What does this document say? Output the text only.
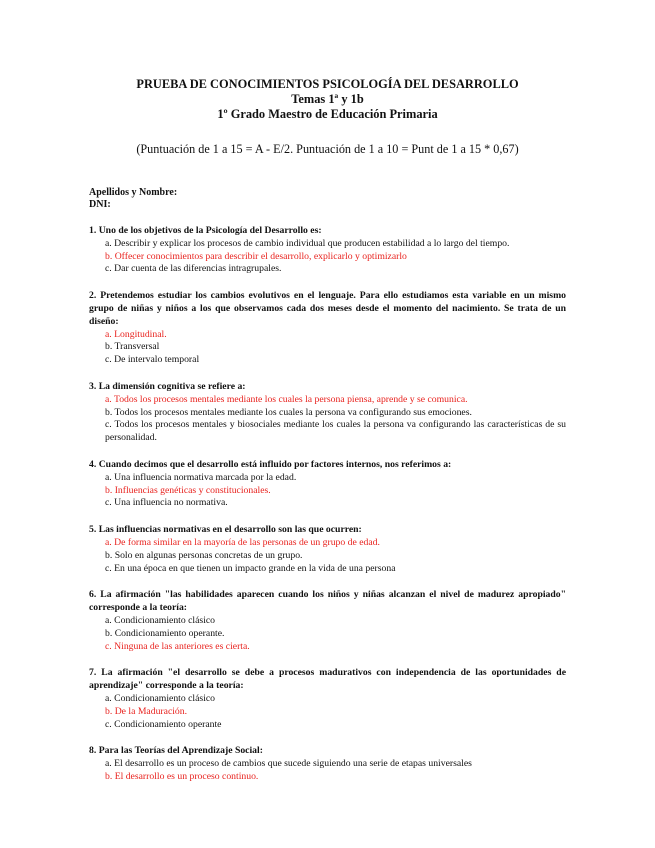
PRUEBA DE CONOCIMIENTOS PSICOLOGÍA DEL DESARROLLO
Temas 1ª y 1b
1º Grado Maestro de Educación Primaria
(Puntuación de 1 a 15 = A - E/2. Puntuación de 1 a 10 = Punt de 1 a 15 * 0,67)
Apellidos y Nombre:
DNI:
1. Uno de los objetivos de la Psicología del Desarrollo es:
a. Describir y explicar los procesos de cambio individual que producen estabilidad a lo largo del tiempo.
b. Offecer conocimientos para describir el desarrollo, explicarlo y optimizarlo
c. Dar cuenta de las diferencias intragrupales.
2. Pretendemos estudiar los cambios evolutivos en el lenguaje. Para ello estudiamos esta variable en un mismo grupo de niñas y niños a los que observamos cada dos meses desde el momento del nacimiento. Se trata de un diseño:
a. Longitudinal.
b. Transversal
c. De intervalo temporal
3. La dimensión cognitiva se refiere a:
a. Todos los procesos mentales mediante los cuales la persona piensa, aprende y se comunica.
b. Todos los procesos mentales mediante los cuales la persona va configurando sus emociones.
c. Todos los procesos mentales y biosociales mediante los cuales la persona va configurando las características de su personalidad.
4. Cuando decimos que el desarrollo está influido por factores internos, nos referimos a:
a. Una influencia normativa marcada por la edad.
b. Influencias genéticas y constitucionales.
c. Una influencia no normativa.
5. Las influencias normativas en el desarrollo son las que ocurren:
a. De forma similar en la mayoría de las personas de un grupo de edad.
b. Solo en algunas personas concretas de un grupo.
c. En una época en que tienen un impacto grande en la vida de una persona
6. La afirmación "las habilidades aparecen cuando los niños y niñas alcanzan el nivel de madurez apropiado" corresponde a la teoría:
a. Condicionamiento clásico
b. Condicionamiento operante.
c. Ninguna de las anteriores es cierta.
7. La afirmación "el desarrollo se debe a procesos madurativos con independencia de las oportunidades de aprendizaje" corresponde a la teoría:
a. Condicionamiento clásico
b. De la Maduración.
c. Condicionamiento operante
8. Para las Teorías del Aprendizaje Social:
a. El desarrollo es un proceso de cambios que sucede siguiendo una serie de etapas universales
b. El desarrollo es un proceso continuo.
